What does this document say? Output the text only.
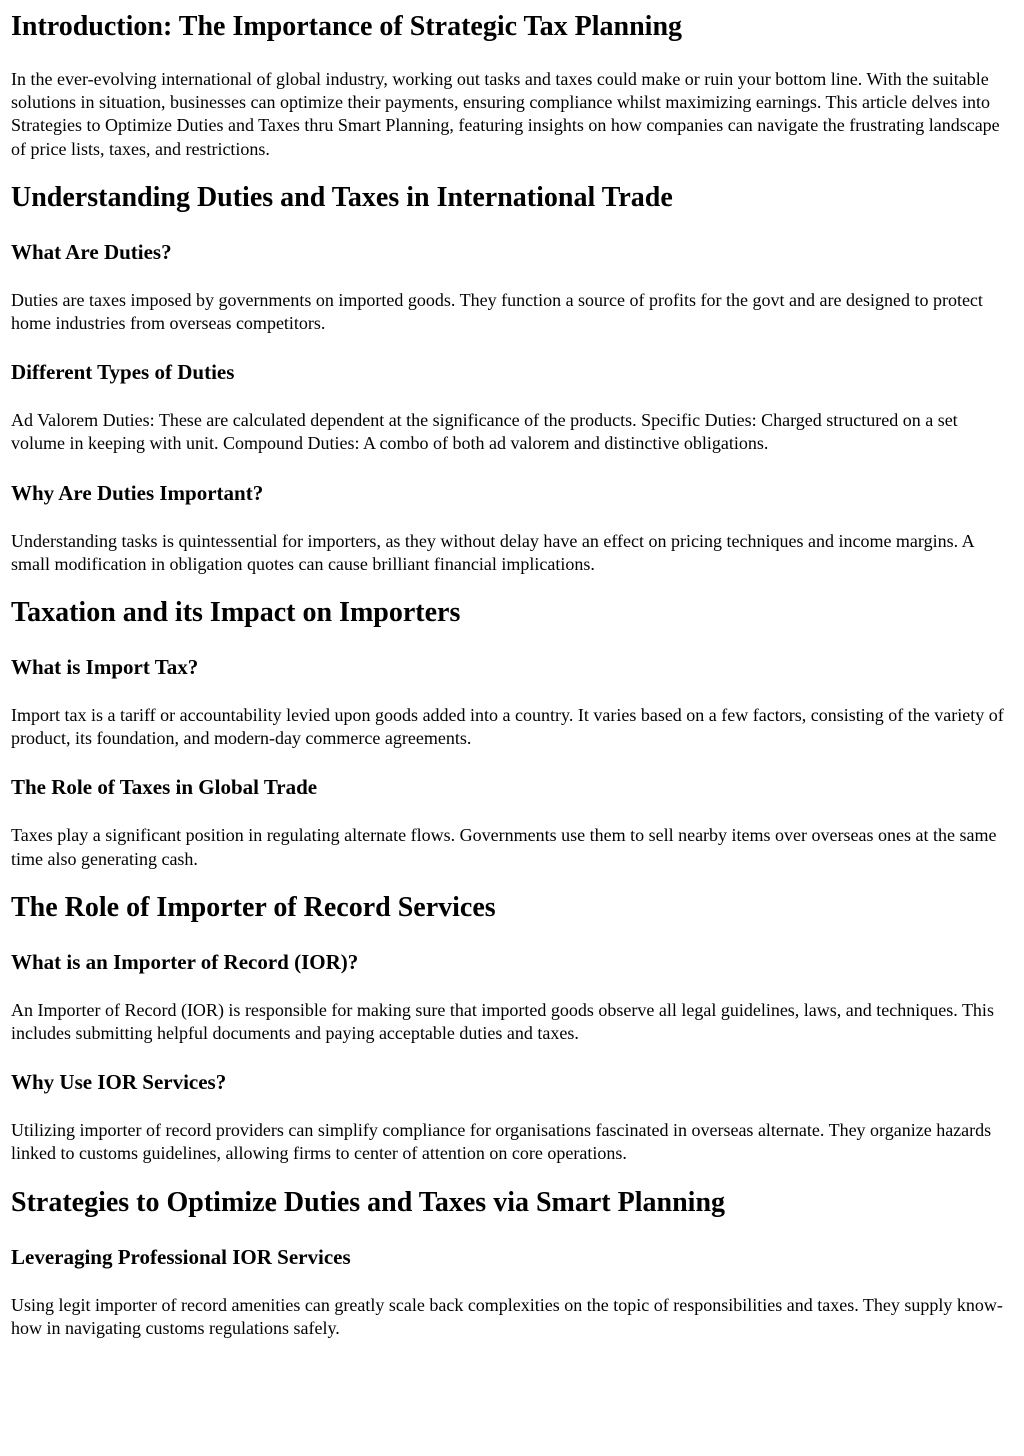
Introduction: The Importance of Strategic Tax Planning

In the ever-evolving international of global industry, working out tasks and taxes could make or ruin your bottom line. With the suitable solutions in situation, businesses can optimize their payments, ensuring compliance whilst maximizing earnings. This article delves into Strategies to Optimize Duties and Taxes thru Smart Planning, featuring insights on how companies can navigate the frustrating landscape of price lists, taxes, and restrictions.

Understanding Duties and Taxes in International Trade
What Are Duties?

Duties are taxes imposed by governments on imported goods. They function a source of profits for the govt and are designed to protect home industries from overseas competitors.

Different Types of Duties

Ad Valorem Duties: These are calculated dependent at the significance of the products. Specific Duties: Charged structured on a set volume in keeping with unit. Compound Duties: A combo of both ad valorem and distinctive obligations.

Why Are Duties Important?

Understanding tasks is quintessential for importers, as they without delay have an effect on pricing techniques and income margins. A small modification in obligation quotes can cause brilliant financial implications.

Taxation and its Impact on Importers
What is Import Tax?

Import tax is a tariff or accountability levied upon goods added into a country. It varies based on a few factors, consisting of the variety of product, its foundation, and modern-day commerce agreements.

The Role of Taxes in Global Trade

Taxes play a significant position in regulating alternate flows. Governments use them to sell nearby items over overseas ones at the same time also generating cash.

The Role of Importer of Record Services
What is an Importer of Record (IOR)?

An Importer of Record (IOR) is responsible for making sure that imported goods observe all legal guidelines, laws, and techniques. This includes submitting helpful documents and paying acceptable duties and taxes.

Why Use IOR Services?

Utilizing importer of record providers can simplify compliance for organisations fascinated in overseas alternate. They organize hazards linked to customs guidelines, allowing firms to center of attention on core operations.

Strategies to Optimize Duties and Taxes via Smart Planning
Leveraging Professional IOR Services

Using legit importer of record amenities can greatly scale back complexities on the topic of responsibilities and taxes. They supply know-how in navigating customs regulations safely.
